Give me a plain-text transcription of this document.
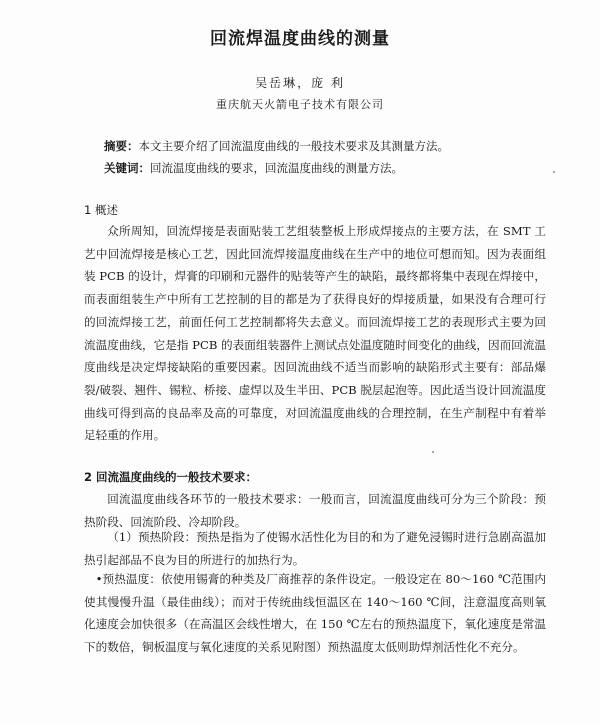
回流焊温度曲线的测量
吴岳琳，庞 利
重庆航天火箭电子技术有限公司
摘要：本文主要介绍了回流温度曲线的一般技术要求及其测量方法。
关键词：回流温度曲线的要求，回流温度曲线的测量方法。
1 概述
众所周知，回流焊接是表面贴装工艺组装整板上形成焊接点的主要方法，在 SMT 工艺中回流焊接是核心工艺，因此回流焊接温度曲线在生产中的地位可想而知。因为表面组装 PCB 的设计，焊膏的印刷和元器件的贴装等产生的缺陷，最终都将集中表现在焊接中，而表面组装生产中所有工艺控制的目的都是为了获得良好的焊接质量，如果没有合理可行的回流焊接工艺，前面任何工艺控制都将失去意义。而回流焊接工艺的表现形式主要为回流温度曲线，它是指 PCB 的表面组装器件上测试点处温度随时间变化的曲线，因而回流温度曲线是决定焊接缺陷的重要因素。因回流曲线不适当而影响的缺陷形式主要有：部品爆裂/破裂、翘件、锡粒、桥接、虚焊以及生半田、PCB 脱层起泡等。因此适当设计回流温度曲线可得到高的良品率及高的可靠度，对回流温度曲线的合理控制，在生产制程中有着举足轻重的作用。
2 回流温度曲线的一般技术要求：
回流温度曲线各环节的一般技术要求：一般而言，回流温度曲线可分为三个阶段：预热阶段、回流阶段、冷却阶段。
（1）预热阶段：预热是指为了使锡水活性化为目的和为了避免浸锡时进行急剧高温加热引起部品不良为目的所进行的加热行为。
•预热温度：依使用锡膏的种类及厂商推荐的条件设定。一般设定在 80～160 ℃范围内使其慢慢升温（最佳曲线）；而对于传统曲线恒温区在 140～160 ℃间，注意温度高则氧化速度会加快很多（在高温区会线性增大，在 150 ℃左右的预热温度下，氧化速度是常温下的数倍，铜板温度与氧化速度的关系见附图）预热温度太低则助焊剂活性化不充分。
